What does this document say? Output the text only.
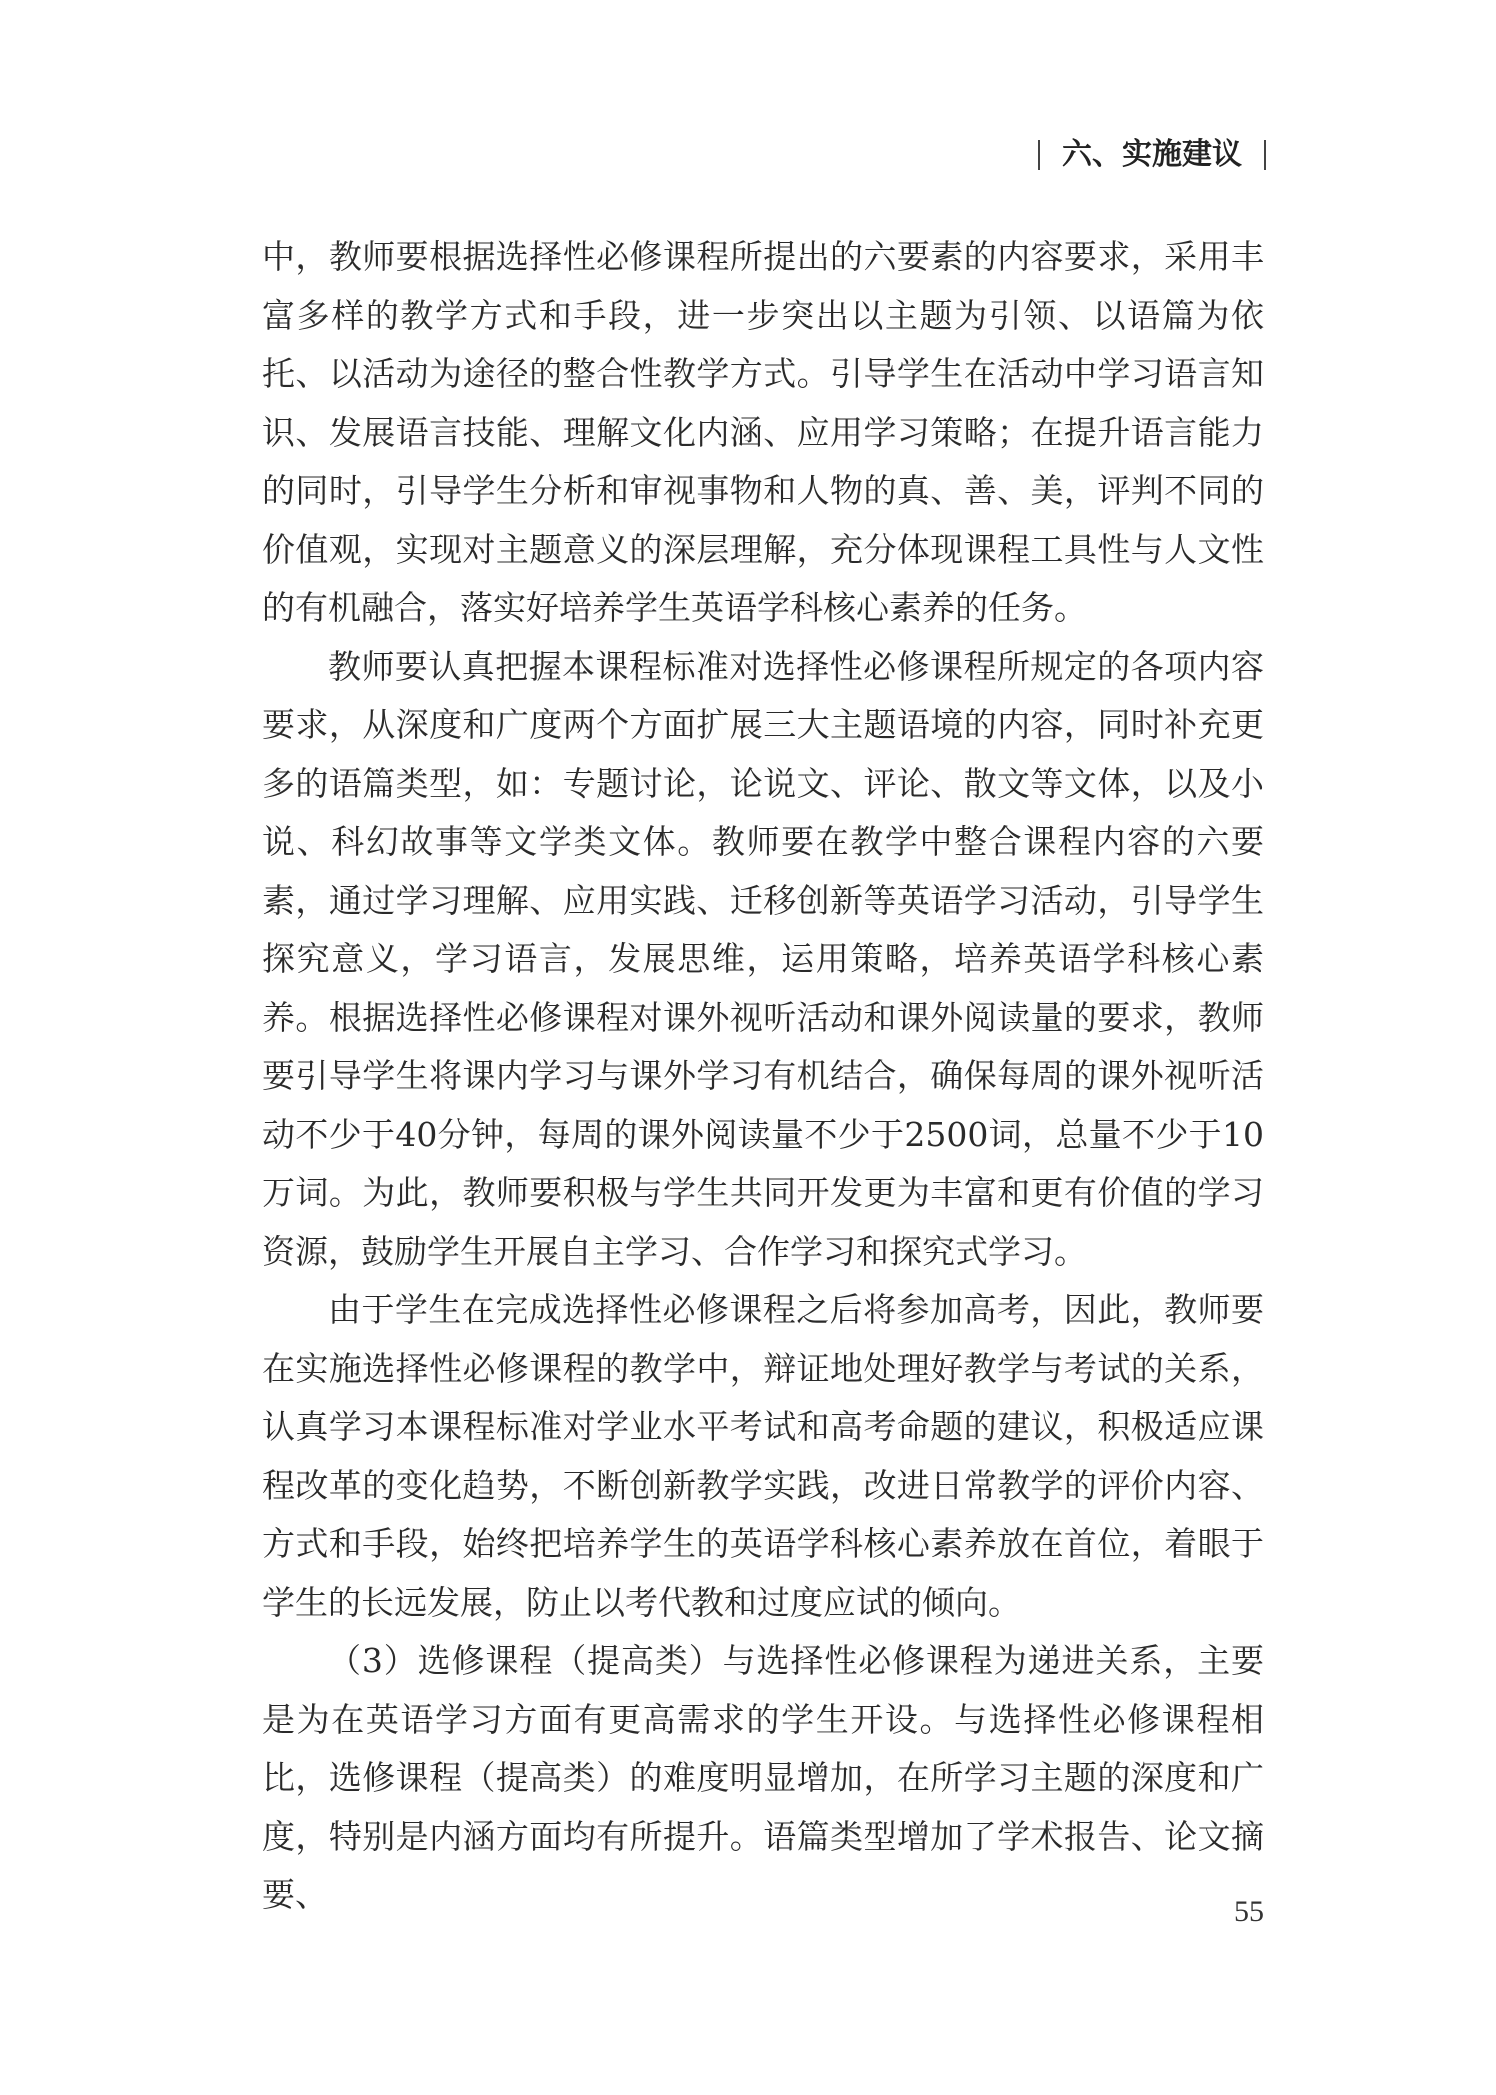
六、实施建议

中，教师要根据选择性必修课程所提出的六要素的内容要求，采用丰富多样的教学方式和手段，进一步突出以主题为引领、以语篇为依托、以活动为途径的整合性教学方式。引导学生在活动中学习语言知识、发展语言技能、理解文化内涵、应用学习策略；在提升语言能力的同时，引导学生分析和审视事物和人物的真、善、美，评判不同的价值观，实现对主题意义的深层理解，充分体现课程工具性与人文性的有机融合，落实好培养学生英语学科核心素养的任务。

教师要认真把握本课程标准对选择性必修课程所规定的各项内容要求，从深度和广度两个方面扩展三大主题语境的内容，同时补充更多的语篇类型，如：专题讨论，论说文、评论、散文等文体，以及小说、科幻故事等文学类文体。教师要在教学中整合课程内容的六要素，通过学习理解、应用实践、迁移创新等英语学习活动，引导学生探究意义，学习语言，发展思维，运用策略，培养英语学科核心素养。根据选择性必修课程对课外视听活动和课外阅读量的要求，教师要引导学生将课内学习与课外学习有机结合，确保每周的课外视听活动不少于40分钟，每周的课外阅读量不少于2500词，总量不少于10万词。为此，教师要积极与学生共同开发更为丰富和更有价值的学习资源，鼓励学生开展自主学习、合作学习和探究式学习。

由于学生在完成选择性必修课程之后将参加高考，因此，教师要在实施选择性必修课程的教学中，辩证地处理好教学与考试的关系，认真学习本课程标准对学业水平考试和高考命题的建议，积极适应课程改革的变化趋势，不断创新教学实践，改进日常教学的评价内容、方式和手段，始终把培养学生的英语学科核心素养放在首位，着眼于学生的长远发展，防止以考代教和过度应试的倾向。

（3）选修课程（提高类）与选择性必修课程为递进关系，主要是为在英语学习方面有更高需求的学生开设。与选择性必修课程相比，选修课程（提高类）的难度明显增加，在所学习主题的深度和广度，特别是内涵方面均有所提升。语篇类型增加了学术报告、论文摘要、	55
